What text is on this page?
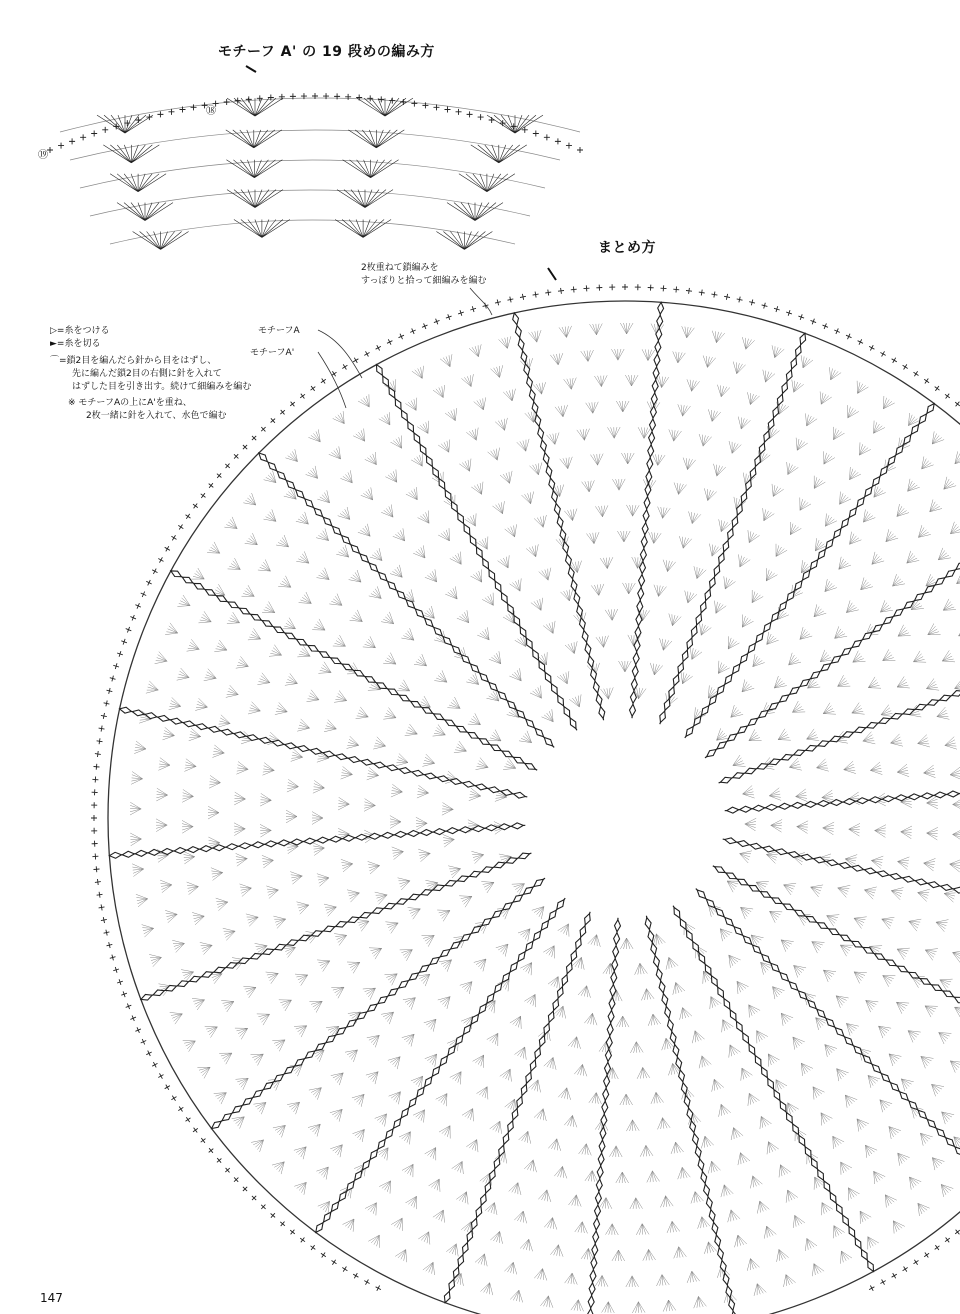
モチーフ A' の 19 段めの編み方
まとめ方
2枚重ねて鎖編みを
すっぽりと拾って細編みを編む
モチーフA
モチーフA'
▷=糸をつける
►=糸を切る
⌒=鎖2目を編んだら針から目をはずし、
先に編んだ鎖2目の右側に針を入れて
はずした目を引き出す。続けて細編みを編む
※ モチーフAの上にA'を重ね、
2枚一緒に針を入れて、水色で編む
147
⑱
⑲
